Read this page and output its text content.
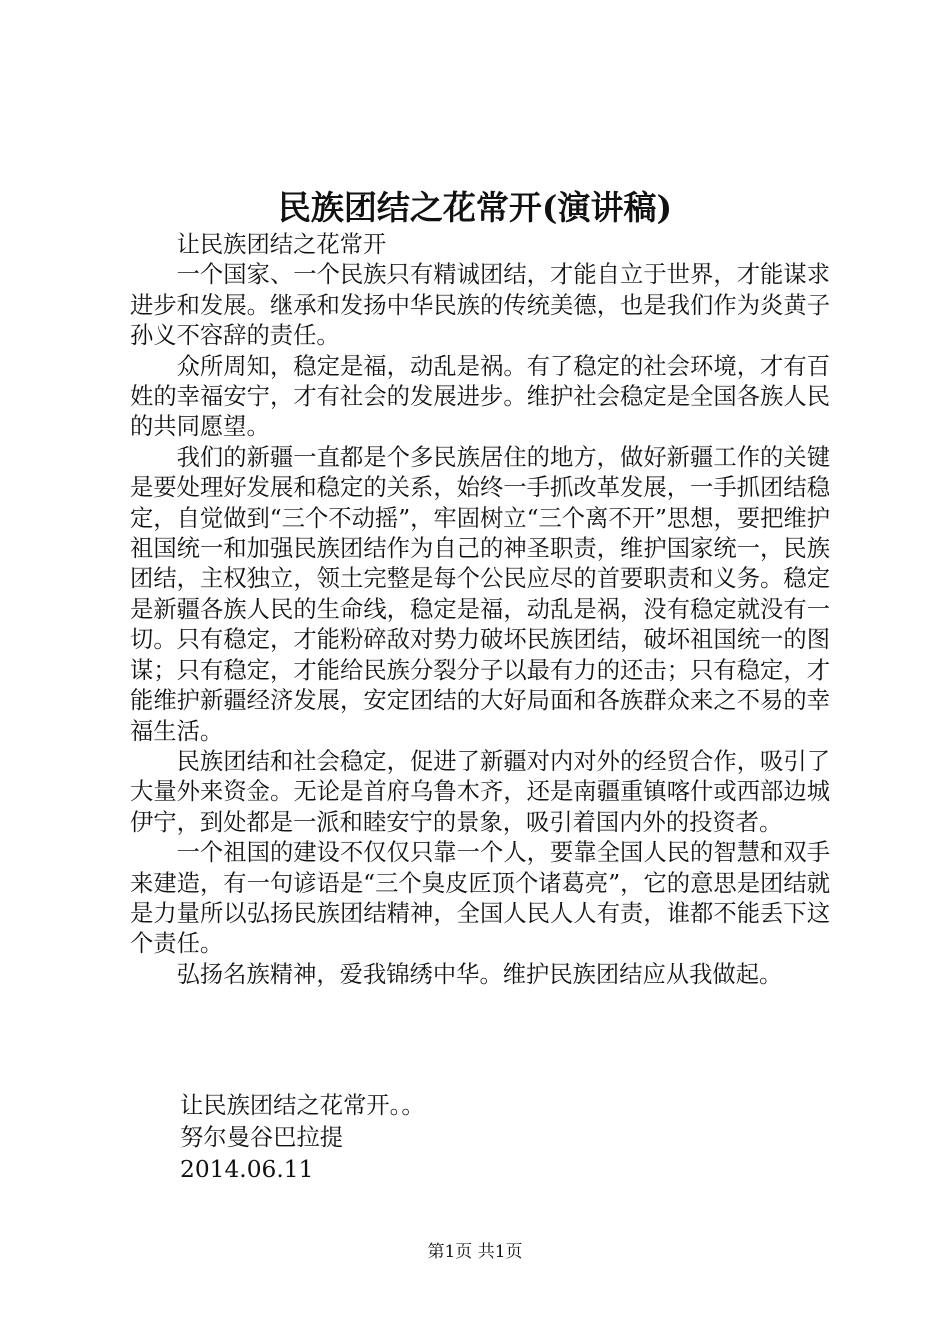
民族团结之花常开(演讲稿)

让民族团结之花常开

一个国家、一个民族只有精诚团结，才能自立于世界，才能谋求进步和发展。继承和发扬中华民族的传统美德，也是我们作为炎黄子孙义不容辞的责任。

众所周知，稳定是福，动乱是祸。有了稳定的社会环境，才有百姓的幸福安宁，才有社会的发展进步。维护社会稳定是全国各族人民的共同愿望。

我们的新疆一直都是个多民族居住的地方，做好新疆工作的关键是要处理好发展和稳定的关系，始终一手抓改革发展，一手抓团结稳定，自觉做到“三个不动摇”，牢固树立“三个离不开”思想，要把维护祖国统一和加强民族团结作为自己的神圣职责，维护国家统一，民族团结，主权独立，领土完整是每个公民应尽的首要职责和义务。稳定是新疆各族人民的生命线，稳定是福，动乱是祸，没有稳定就没有一切。只有稳定，才能粉碎敌对势力破坏民族团结，破坏祖国统一的图谋；只有稳定，才能给民族分裂分子以最有力的还击；只有稳定，才能维护新疆经济发展，安定团结的大好局面和各族群众来之不易的幸福生活。

民族团结和社会稳定，促进了新疆对内对外的经贸合作，吸引了大量外来资金。无论是首府乌鲁木齐，还是南疆重镇喀什或西部边城伊宁，到处都是一派和睦安宁的景象，吸引着国内外的投资者。

一个祖国的建设不仅仅只靠一个人，要靠全国人民的智慧和双手来建造，有一句谚语是“三个臭皮匠顶个诸葛亮”，它的意思是团结就是力量所以弘扬民族团结精神，全国人民人人有责，谁都不能丢下这个责任。

弘扬名族精神，爱我锦绣中华。维护民族团结应从我做起。

让民族团结之花常开。。
努尔曼谷巴拉提
2014.06.11
第1页 共1页
